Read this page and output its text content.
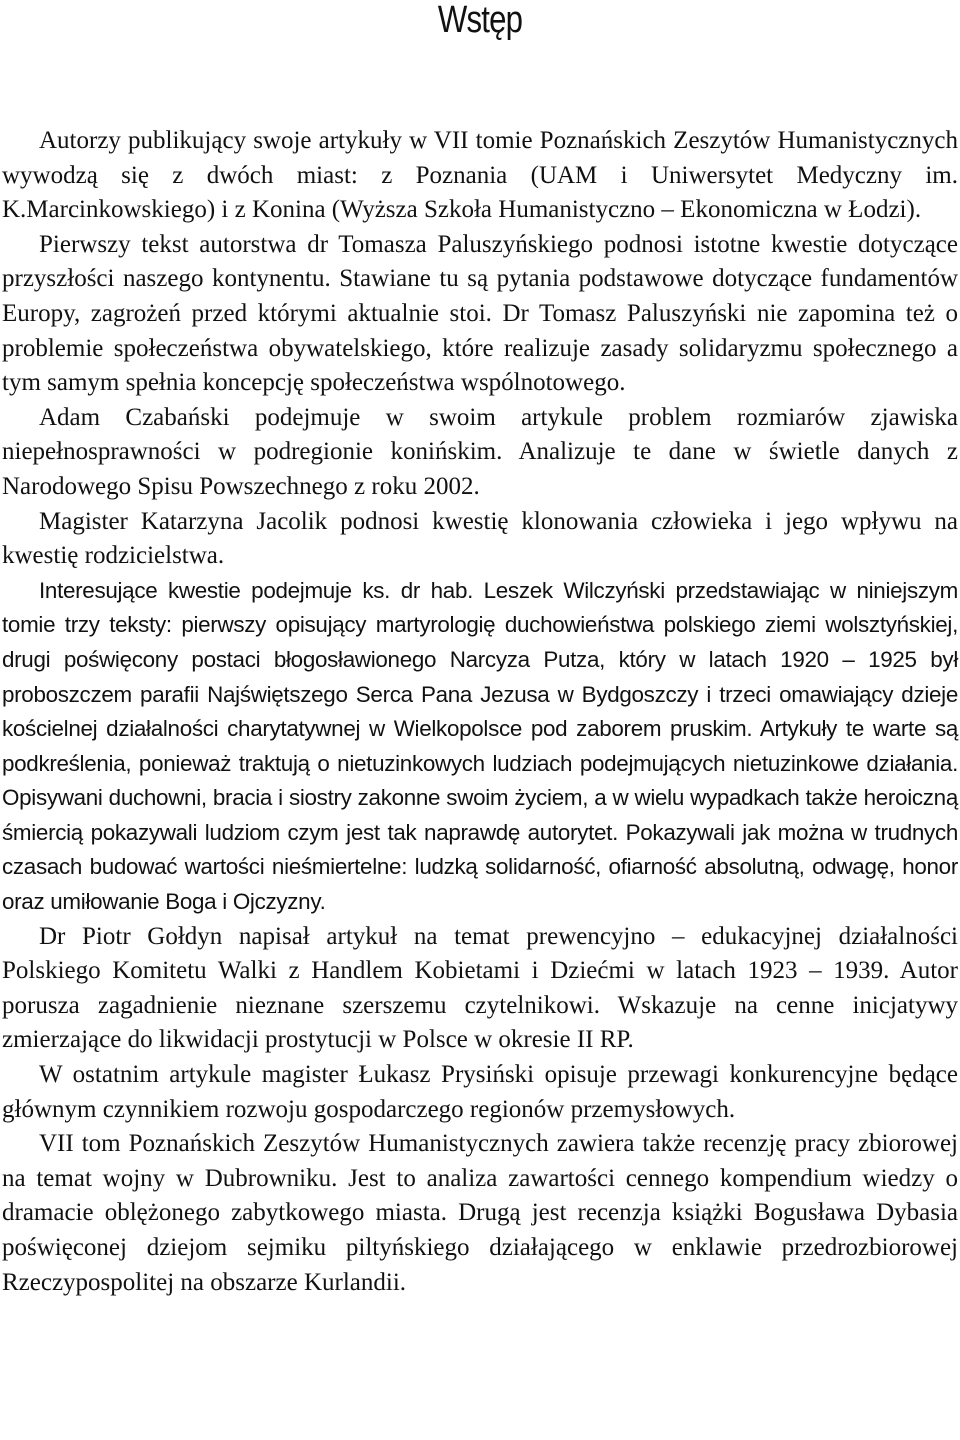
Wstęp

Autorzy publikujący swoje artykuły w VII tomie Poznańskich Zeszytów Humanistycznych wywodzą się z dwóch miast: z Poznania (UAM i Uniwersytet Medyczny im. K.Marcinkowskiego) i z Konina (Wyższa Szkoła Humanistyczno – Ekonomiczna w Łodzi).

Pierwszy tekst autorstwa dr Tomasza Paluszyńskiego podnosi istotne kwestie dotyczące przyszłości naszego kontynentu. Stawiane tu są pytania podstawowe dotyczące fundamentów Europy, zagrożeń przed którymi aktualnie stoi. Dr Tomasz Paluszyński nie zapomina też o problemie społeczeństwa obywatelskiego, które realizuje zasady solidaryzmu społecznego a tym samym spełnia koncepcję społeczeństwa wspólnotowego.

Adam Czabański podejmuje w swoim artykule problem rozmiarów zjawiska niepełnosprawności w podregionie konińskim. Analizuje te dane w świetle danych z Narodowego Spisu Powszechnego z roku 2002.

Magister Katarzyna Jacolik podnosi kwestię klonowania człowieka i jego wpływu na kwestię rodzicielstwa.

Interesujące kwestie podejmuje ks. dr hab. Leszek Wilczyński przedstawiając w niniejszym tomie trzy teksty: pierwszy opisujący martyrologię duchowieństwa polskiego ziemi wolsztyńskiej, drugi poświęcony postaci błogosławionego Narcyza Putza, który w latach 1920 – 1925 był proboszczem parafii Najświętszego Serca Pana Jezusa w Bydgoszczy i trzeci omawiający dzieje kościelnej działalności charytatywnej w Wielkopolsce pod zaborem pruskim. Artykuły te warte są podkreślenia, ponieważ traktują o nietuzinkowych ludziach podejmujących nietuzinkowe działania. Opisywani duchowni, bracia i siostry zakonne swoim życiem, a w wielu wypadkach także heroiczną śmiercią pokazywali ludziom czym jest tak naprawdę autorytet. Pokazywali jak można w trudnych czasach budować wartości nieśmiertelne: ludzką solidarność, ofiarność absolutną, odwagę, honor oraz umiłowanie Boga i Ojczyzny.

Dr Piotr Gołdyn napisał artykuł na temat prewencyjno – edukacyjnej działalności Polskiego Komitetu Walki z Handlem Kobietami i Dziećmi w latach 1923 – 1939. Autor porusza zagadnienie nieznane szerszemu czytelnikowi. Wskazuje na cenne inicjatywy zmierzające do likwidacji prostytucji w Polsce w okresie II RP.

W ostatnim artykule magister Łukasz Prysiński opisuje przewagi konkurencyjne będące głównym czynnikiem rozwoju gospodarczego regionów przemysłowych.

VII tom Poznańskich Zeszytów Humanistycznych zawiera także recenzję pracy zbiorowej na temat wojny w Dubrowniku. Jest to analiza zawartości cennego kompendium wiedzy o dramacie oblężonego zabytkowego miasta. Drugą jest recenzja książki Bogusława Dybasia poświęconej dziejom sejmiku piltyńskiego działającego w enklawie przedrozbiorowej Rzeczypospolitej na obszarze Kurlandii.
